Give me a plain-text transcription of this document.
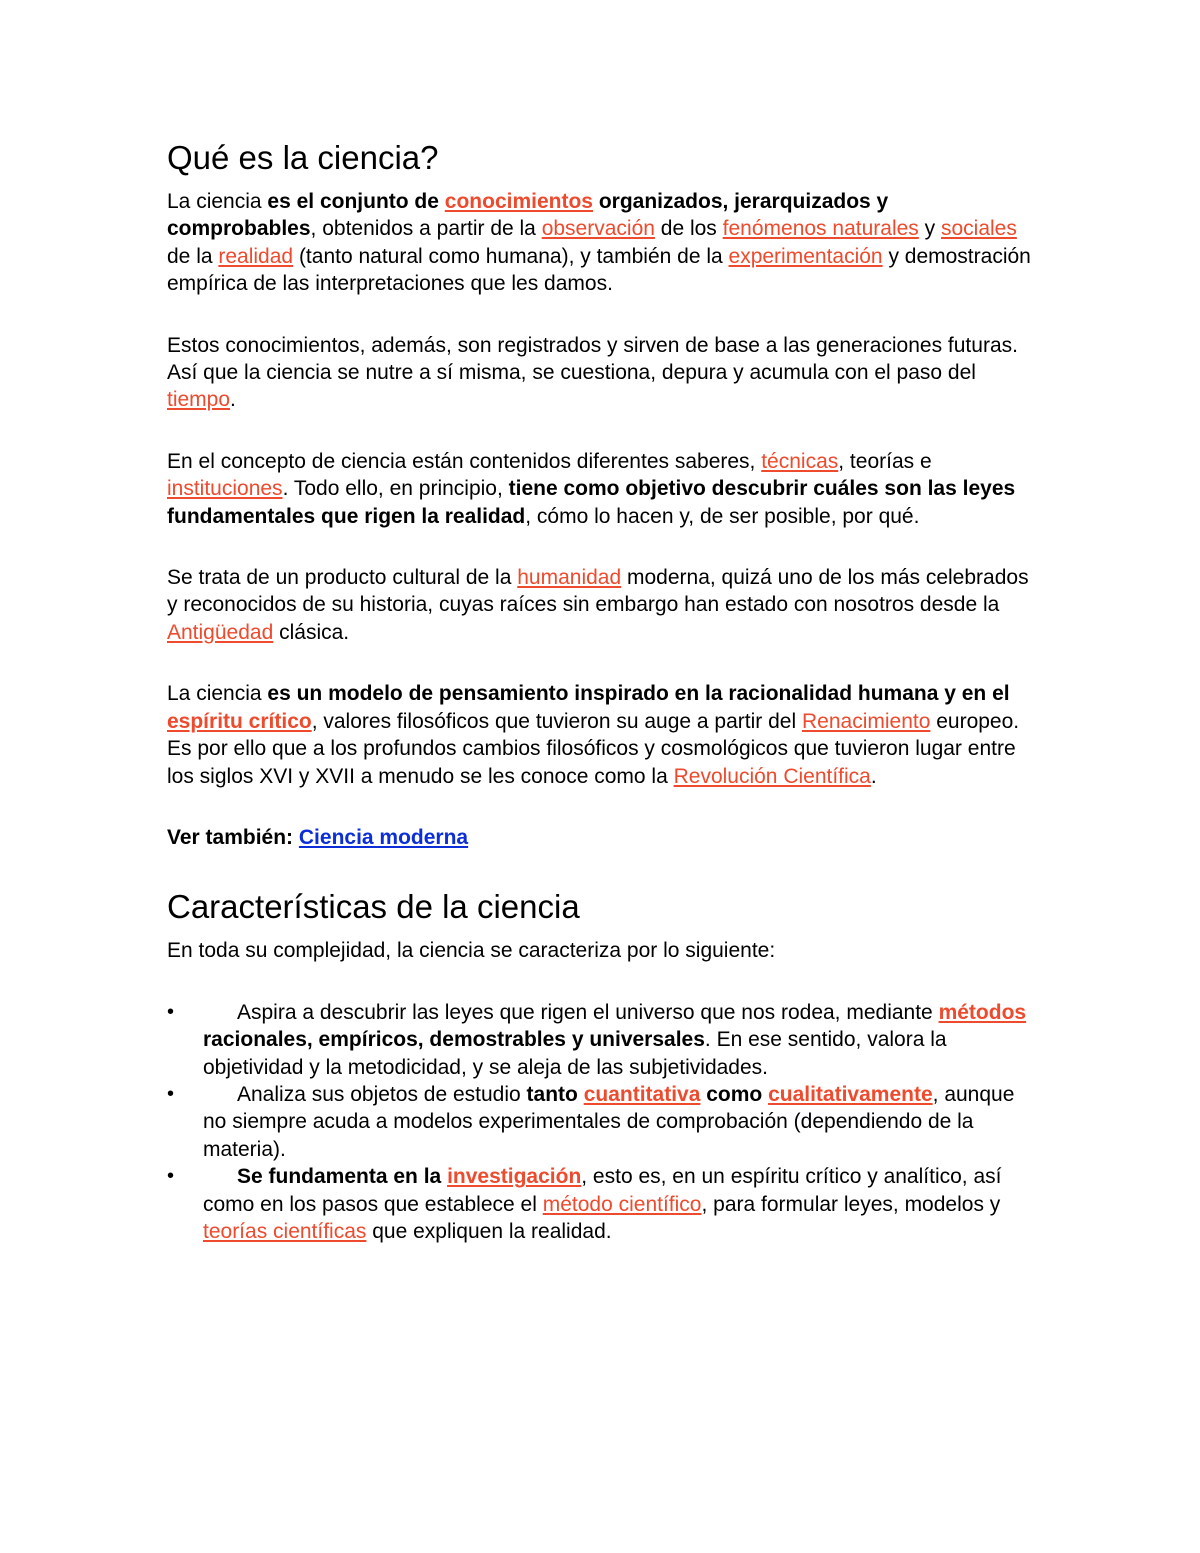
Qué es la ciencia?

La ciencia es el conjunto de conocimientos organizados, jerarquizados y comprobables, obtenidos a partir de la observación de los fenómenos naturales y sociales de la realidad (tanto natural como humana), y también de la experimentación y demostración empírica de las interpretaciones que les damos.

Estos conocimientos, además, son registrados y sirven de base a las generaciones futuras. Así que la ciencia se nutre a sí misma, se cuestiona, depura y acumula con el paso del tiempo.

En el concepto de ciencia están contenidos diferentes saberes, técnicas, teorías e instituciones. Todo ello, en principio, tiene como objetivo descubrir cuáles son las leyes fundamentales que rigen la realidad, cómo lo hacen y, de ser posible, por qué.

Se trata de un producto cultural de la humanidad moderna, quizá uno de los más celebrados y reconocidos de su historia, cuyas raíces sin embargo han estado con nosotros desde la Antigüedad clásica.

La ciencia es un modelo de pensamiento inspirado en la racionalidad humana y en el espíritu crítico, valores filosóficos que tuvieron su auge a partir del Renacimiento europeo. Es por ello que a los profundos cambios filosóficos y cosmológicos que tuvieron lugar entre los siglos XVI y XVII a menudo se les conoce como la Revolución Científica.

Ver también: Ciencia moderna

Características de la ciencia

En toda su complejidad, la ciencia se caracteriza por lo siguiente:

•	Aspira a descubrir las leyes que rigen el universo que nos rodea, mediante métodos racionales, empíricos, demostrables y universales. En ese sentido, valora la objetividad y la metodicidad, y se aleja de las subjetividades.
•	Analiza sus objetos de estudio tanto cuantitativa como cualitativamente, aunque no siempre acuda a modelos experimentales de comprobación (dependiendo de la materia).
•	Se fundamenta en la investigación, esto es, en un espíritu crítico y analítico, así como en los pasos que establece el método científico, para formular leyes, modelos y teorías científicas que expliquen la realidad.
